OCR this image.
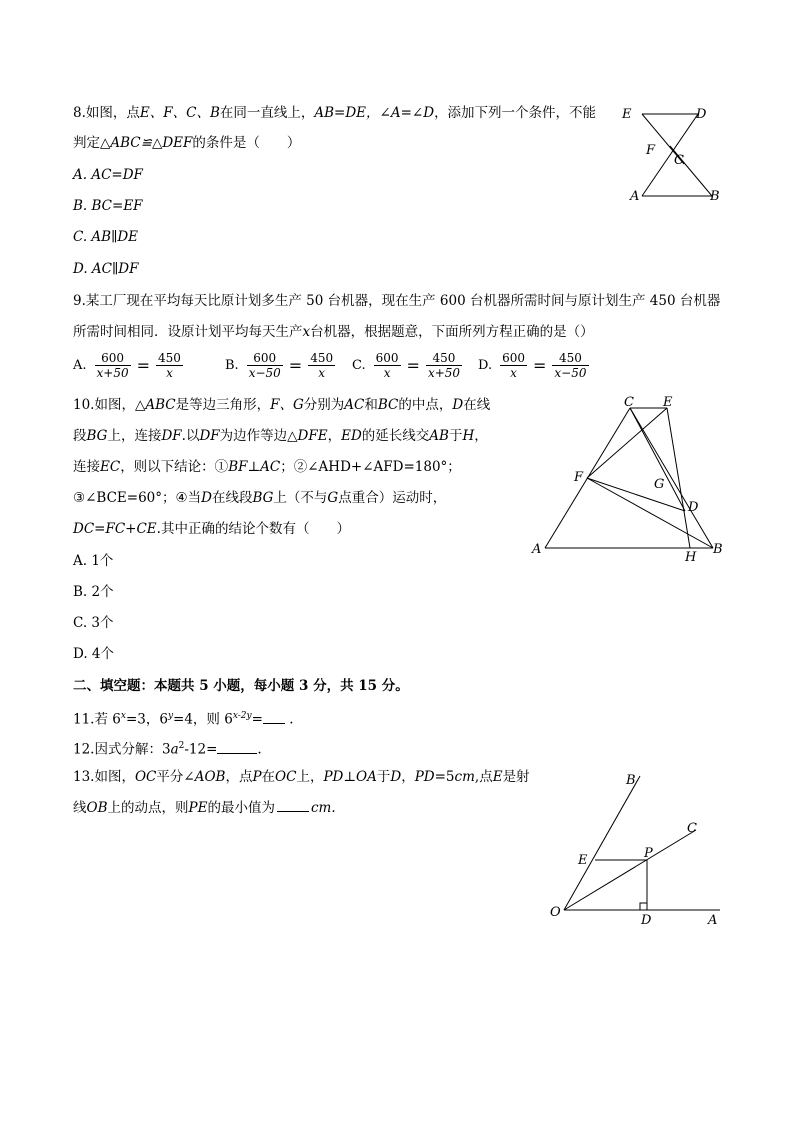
8.如图，点E、F、C、B在同一直线上，AB=DE，∠A=∠D，添加下列一个条件，不能
判定△ABC≌△DEF的条件是（　　）
A. AC=DF
B. BC=EF
C. AB∥DE
D. AC∥DF
E	D
F
C
A	B
9.某工厂现在平均每天比原计划多生产 50 台机器，现在生产 600 台机器所需时间与原计划生产 450 台机器
所需时间相同．设原计划平均每天生产x台机器，根据题意，下面所列方程正确的是（）
A. $\frac{600}{x+50} = \frac{450}{x}$	B. $\frac{600}{x-50} = \frac{450}{x} C$. $\frac{600}{x} = \frac{450}{x+50} D$. $\frac{600}{x} = \frac{450}{x-50}$
10.如图，△ABC是等边三角形，F、G分别为AC和BC的中点，D在线
段BG上，连接DF.以DF为边作等边△DFE，ED的延长线交AB于H，
连接EC，则以下结论：①BF⊥AC；②∠AHD+∠AFD=180°；
③∠BCE=60°；④当D在线段BG上（不与G点重合）运动时，
DC=FC+CE.其中正确的结论个数有（　　）
A. 1个
B. 2个
C. 3个
D. 4个
C E
F	G
D
A
H
B
二、填空题：本题共 5 小题，每小题 3 分，共 15 分。
11.若 $6^x=3$，$6^y=4$，则 $6^{x-2y}=$ .
12.因式分解：$3a^2-12=$	.
13.如图，OC平分∠AOB，点P在OC上，PD⊥OA于D，PD=5cm,点E是射
线OB上的动点，则PE的最小值为	cm.
B
C
E	P
O
D	A
